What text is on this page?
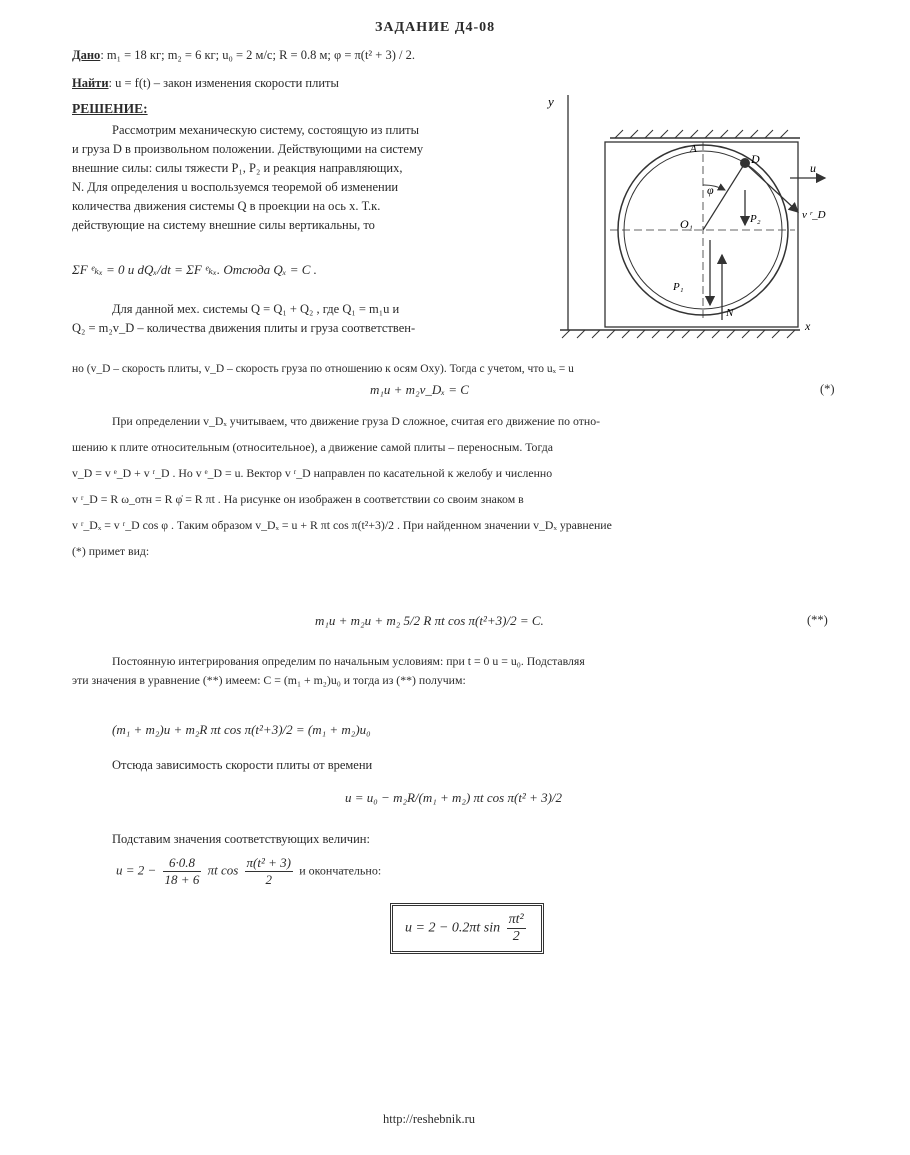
ЗАДАНИЕ Д4-08
Дано: m₁ = 18 кг; m₂ = 6 кг; u₀ = 2 м/с; R = 0.8 м; φ = π(t² + 3) / 2.
Найти: u = f(t) – закон изменения скорости плиты
РЕШЕНИЕ:
Рассмотрим механическую систему, состоящую из плиты
и груза D в произвольном положении. Действующими на систему
внешние силы: силы тяжести P₁, P₂ и реакция направляющих,
N. Для определения u воспользуемся теоремой об изменении
количества движения системы Q в проекции на ось x. Т.к.
действующие на систему внешние силы вертикальны, то
ΣF ᵉₖₓ = 0 и dQₓ/dt = ΣF ᵉₖₓ. Отсюда Qₓ = C .
Для данной мех. системы Q = Q₁ + Q₂ , где Q₁ = m₁u и
Q₂ = m₂v_D – количества движения плиты и груза соответствен-
но (v_D – скорость плиты, v_D – скорость груза по отношению к осям Oxy). Тогда с учетом, что uₓ = u
m₁u + m₂v_Dₓ = C	(*)
При определении v_Dₓ учитываем, что движение груза D сложное, считая его движение по отно-
шению к плите относительным (относительное), а движение самой плиты – переносным. Тогда
v_D = v ᵉ_D + v ʳ_D . Но v ᵉ_D = u. Вектор v ʳ_D направлен по касательной к желобу и численно
v ʳ_D = R ω_отн = R φ̇ = R πt . На рисунке он изображен в соответствии со своим знаком в
v ʳ_Dₓ = v ʳ_D cos φ . Таким образом v_Dₓ = u + R πt cos π(t²+3)/2 . При найденном значении v_Dₓ уравнение
(*) примет вид:
m₁u + m₂u + m₂ 5/2 R πt cos π(t²+3)/2 = C.	(**)
Постоянную интегрирования определим по начальным условиям: при t = 0 u = u₀. Подставляя
эти значения в уравнение (**) имеем: C = (m₁ + m₂)u₀ и тогда из (**) получим:
(m₁ + m₂)u + m₂R πt cos π(t²+3)/2 = (m₁ + m₂)u₀
Отсюда зависимость скорости плиты от времени
u = u₀ − m₂R/(m₁ + m₂) πt cos π(t² + 3)/2
Подставим значения соответствующих величин:
$u = 2 - \frac{6\cdot 0.8}{18 + 6}$ πt $\cos \frac{\text{π(t² + 3)}}{2}$ и окончательно:
u = 2 − 0.2πt $\sin \frac{\text{πt²}}{2}$
y
x
φ
O₁
A
D
v ʳ_D
u
P₂
P₁
N
http://reshebnik.ru
